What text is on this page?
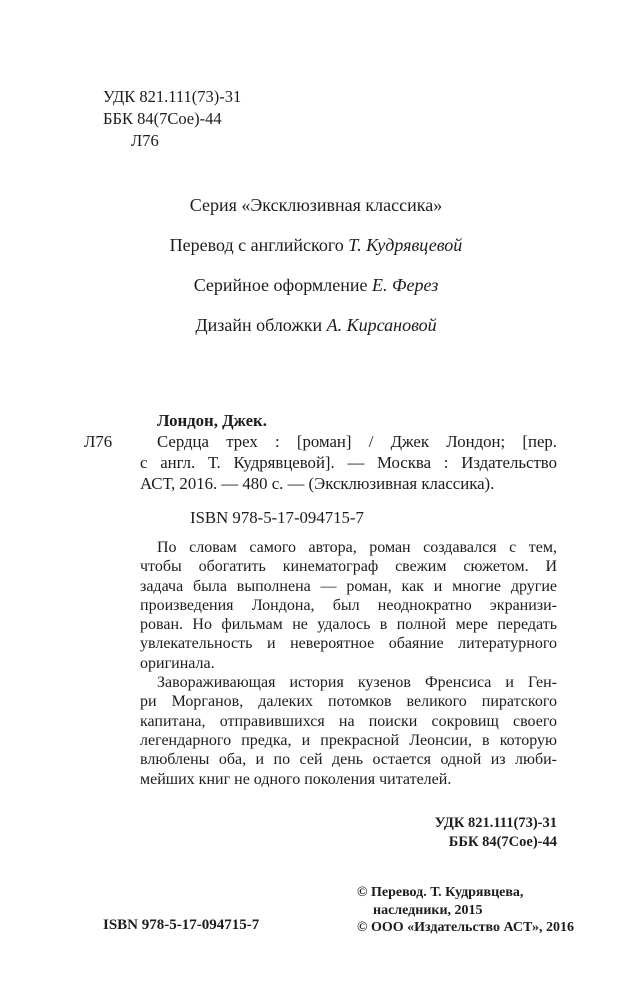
УДК 821.111(73)-31
ББК 84(7Сое)-44
Л76
Серия «Эксклюзивная классика»
Перевод с английского Т. Кудрявцевой
Серийное оформление Е. Ферез
Дизайн обложки А. Кирсановой
Лондон, Джек.
Л76	Сердца трех : [роман] / Джек Лондон; [пер.
с англ. Т. Кудрявцевой]. — Москва : Издательство
АСТ, 2016. — 480 с. — (Эксклюзивная классика).
ISBN 978-5-17-094715-7
По словам самого автора, роман создавался с тем,
чтобы обогатить кинематограф свежим сюжетом. И
задача была выполнена — роман, как и многие другие
произведения Лондона, был неоднократно экранизи-
рован. Но фильмам не удалось в полной мере передать
увлекательность и невероятное обаяние литературного
оригинала.
Завораживающая история кузенов Френсиса и Ген-
ри Морганов, далеких потомков великого пиратского
капитана, отправившихся на поиски сокровищ своего
легендарного предка, и прекрасной Леонсии, в которую
влюблены оба, и по сей день остается одной из люби-
мейших книг не одного поколения читателей.
УДК 821.111(73)-31
ББК 84(7Сое)-44
© Перевод. Т. Кудрявцева,
наследники, 2015
© ООО «Издательство АСТ», 2016
ISBN 978-5-17-094715-7
